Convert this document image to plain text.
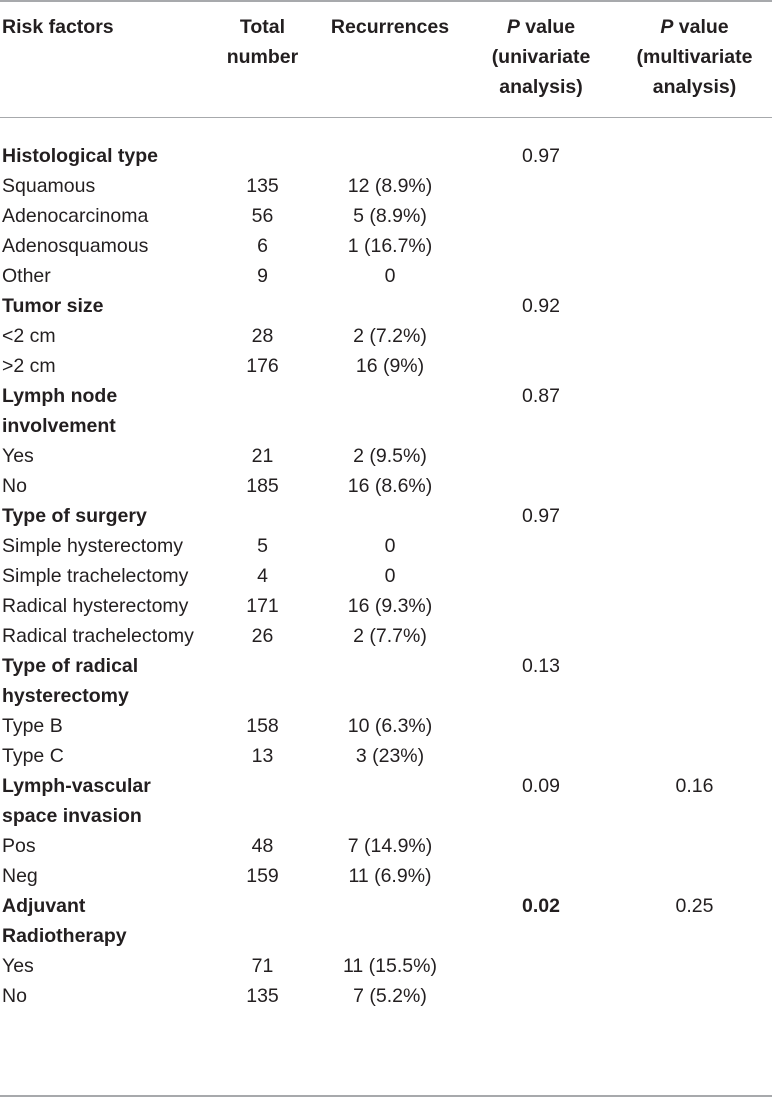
Risk factors	Total number	Recurrences	P value (univariate analysis)	P value (multivariate analysis)
Histological type			0.97	
Squamous	135	12 (8.9%)		
Adenocarcinoma	56	5 (8.9%)		
Adenosquamous	6	1 (16.7%)		
Other	9	0		
Tumor size			0.92	
<2 cm	28	2 (7.2%)		
>2 cm	176	16 (9%)		
Lymph node involvement			0.87	
Yes	21	2 (9.5%)		
No	185	16 (8.6%)		
Type of surgery			0.97	
Simple hysterectomy	5	0		
Simple trachelectomy	4	0		
Radical hysterectomy	171	16 (9.3%)		
Radical trachelectomy	26	2 (7.7%)		
Type of radical hysterectomy			0.13	
Type B	158	10 (6.3%)		
Type C	13	3 (23%)		
Lymph-vascular space invasion			0.09	0.16
Pos	48	7 (14.9%)		
Neg	159	11 (6.9%)		
Adjuvant Radiotherapy			0.02	0.25
Yes	71	11 (15.5%)		
No	135	7 (5.2%)		
